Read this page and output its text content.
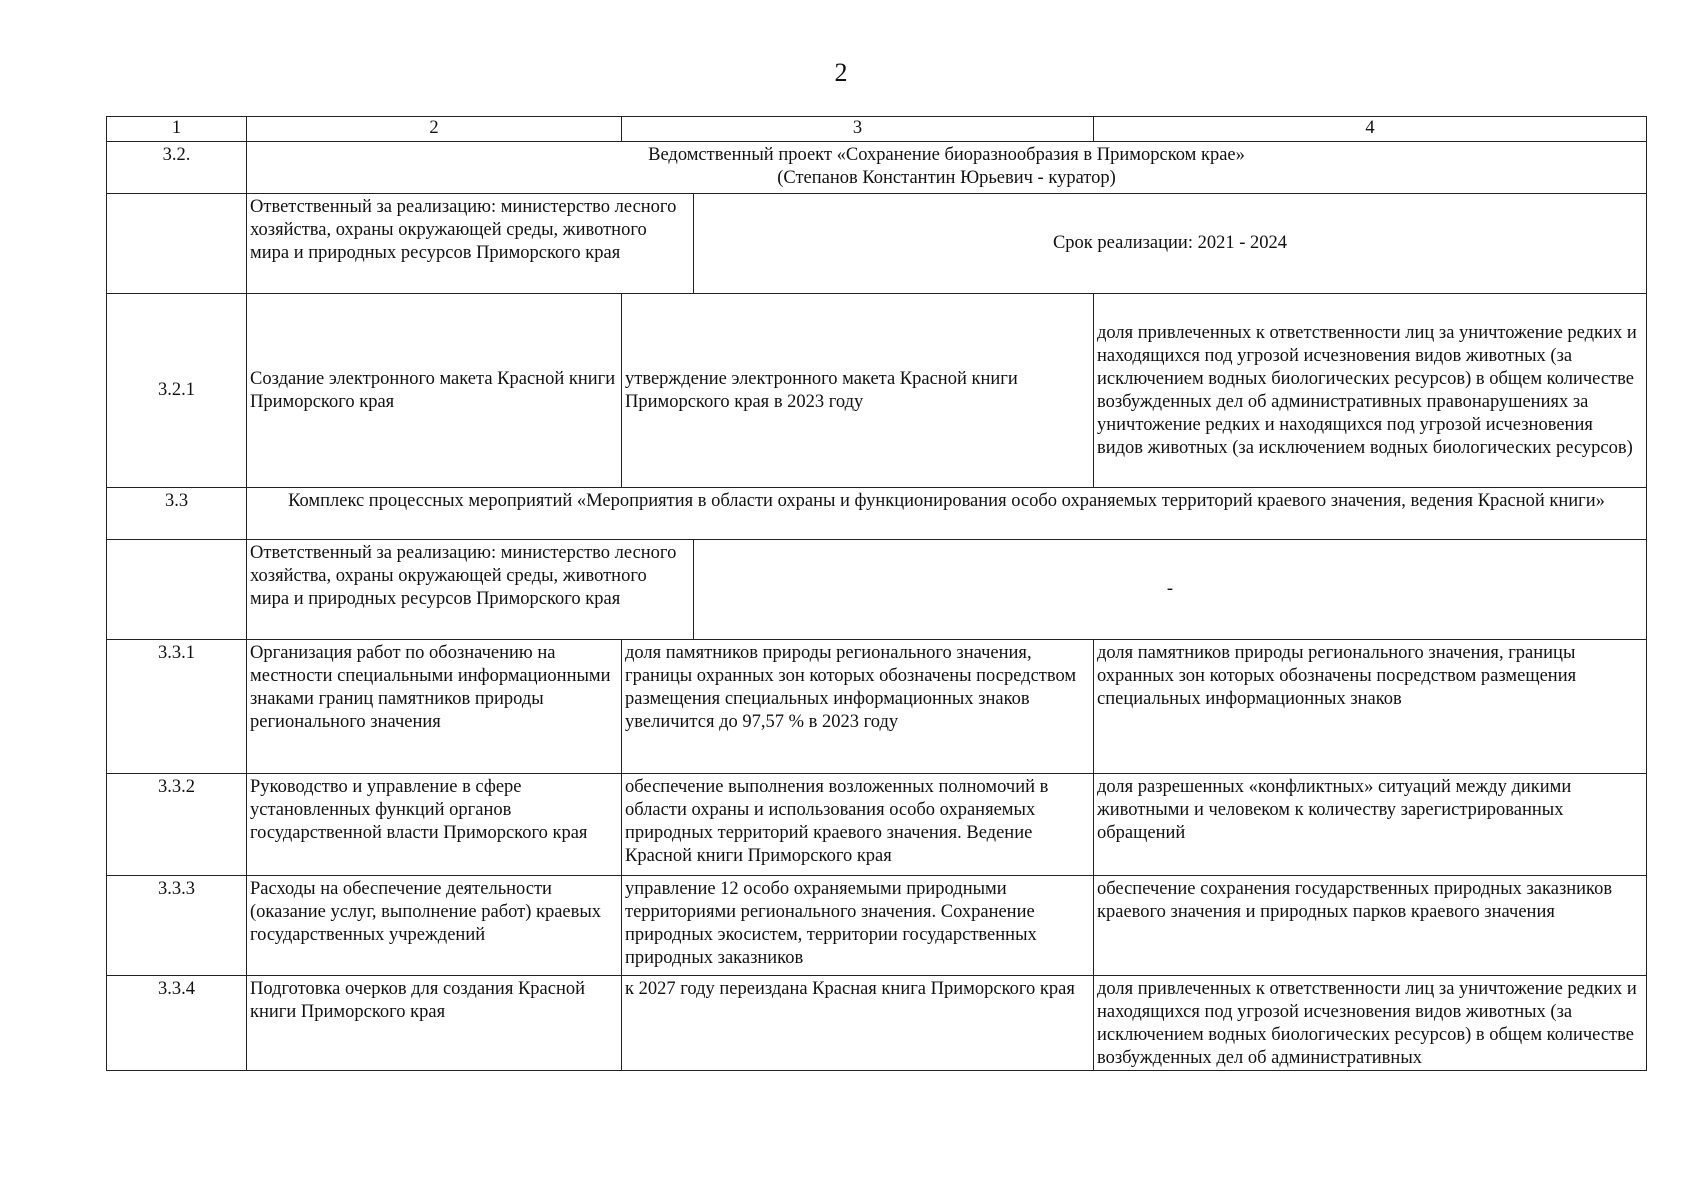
2
1	2	3		4
3.2.	Ведомственный проект «Сохранение биоразнообразия в Приморском крае»
(Степанов Константин Юрьевич - куратор)			

	Ответственный за реализацию: министерство лесного хозяйства, охраны окружающей среды, животного мира и природных ресурсов Приморского края		Срок реализации: 2021 - 2024	
3.2.1	Создание электронного макета Красной книги Приморского края	утверждение электронного макета Красной книги Приморского края в 2023 году		доля привлеченных к ответственности лиц за уничтожение редких и находящихся под угрозой исчезновения видов животных (за исключением водных биологических ресурсов) в общем количестве возбужденных дел об административных правонарушениях за уничтожение редких и находящихся под угрозой исчезновения видов животных (за исключением водных биологических ресурсов)
3.3	Комплекс процессных мероприятий «Мероприятия в области охраны и функционирования особо охраняемых территорий краевого значения, ведения Красной книги»			
	Ответственный за реализацию: министерство лесного хозяйства, охраны окружающей среды, животного мира и природных ресурсов Приморского края		-	
3.3.1	Организация работ по обозначению на местности специальными информационными знаками границ памятников природы регионального значения	доля памятников природы регионального значения, границы охранных зон которых обозначены посредством размещения специальных информационных знаков увеличится до 97,57 % в 2023 году		доля памятников природы регионального значения, границы охранных зон которых обозначены посредством размещения специальных информационных знаков
3.3.2	Руководство и управление в сфере установленных функций органов государственной власти Приморского края	обеспечение выполнения возложенных полномочий в области охраны и использования особо охраняемых природных территорий краевого значения. Ведение Красной книги Приморского края		доля разрешенных «конфликтных» ситуаций между дикими животными и человеком к количеству зарегистрированных обращений
3.3.3	Расходы на обеспечение деятельности (оказание услуг, выполнение работ) краевых государственных учреждений	управление 12 особо охраняемыми природными территориями регионального значения. Сохранение природных экосистем, территории государственных природных заказников		обеспечение сохранения государственных природных заказников краевого значения и природных парков краевого значения
3.3.4	Подготовка очерков для создания Красной книги Приморского края	к 2027 году переиздана Красная книга Приморского края		доля привлеченных к ответственности лиц за уничтожение редких и находящихся под угрозой исчезновения видов животных (за исключением водных биологических ресурсов) в общем количестве возбужденных дел об административных
